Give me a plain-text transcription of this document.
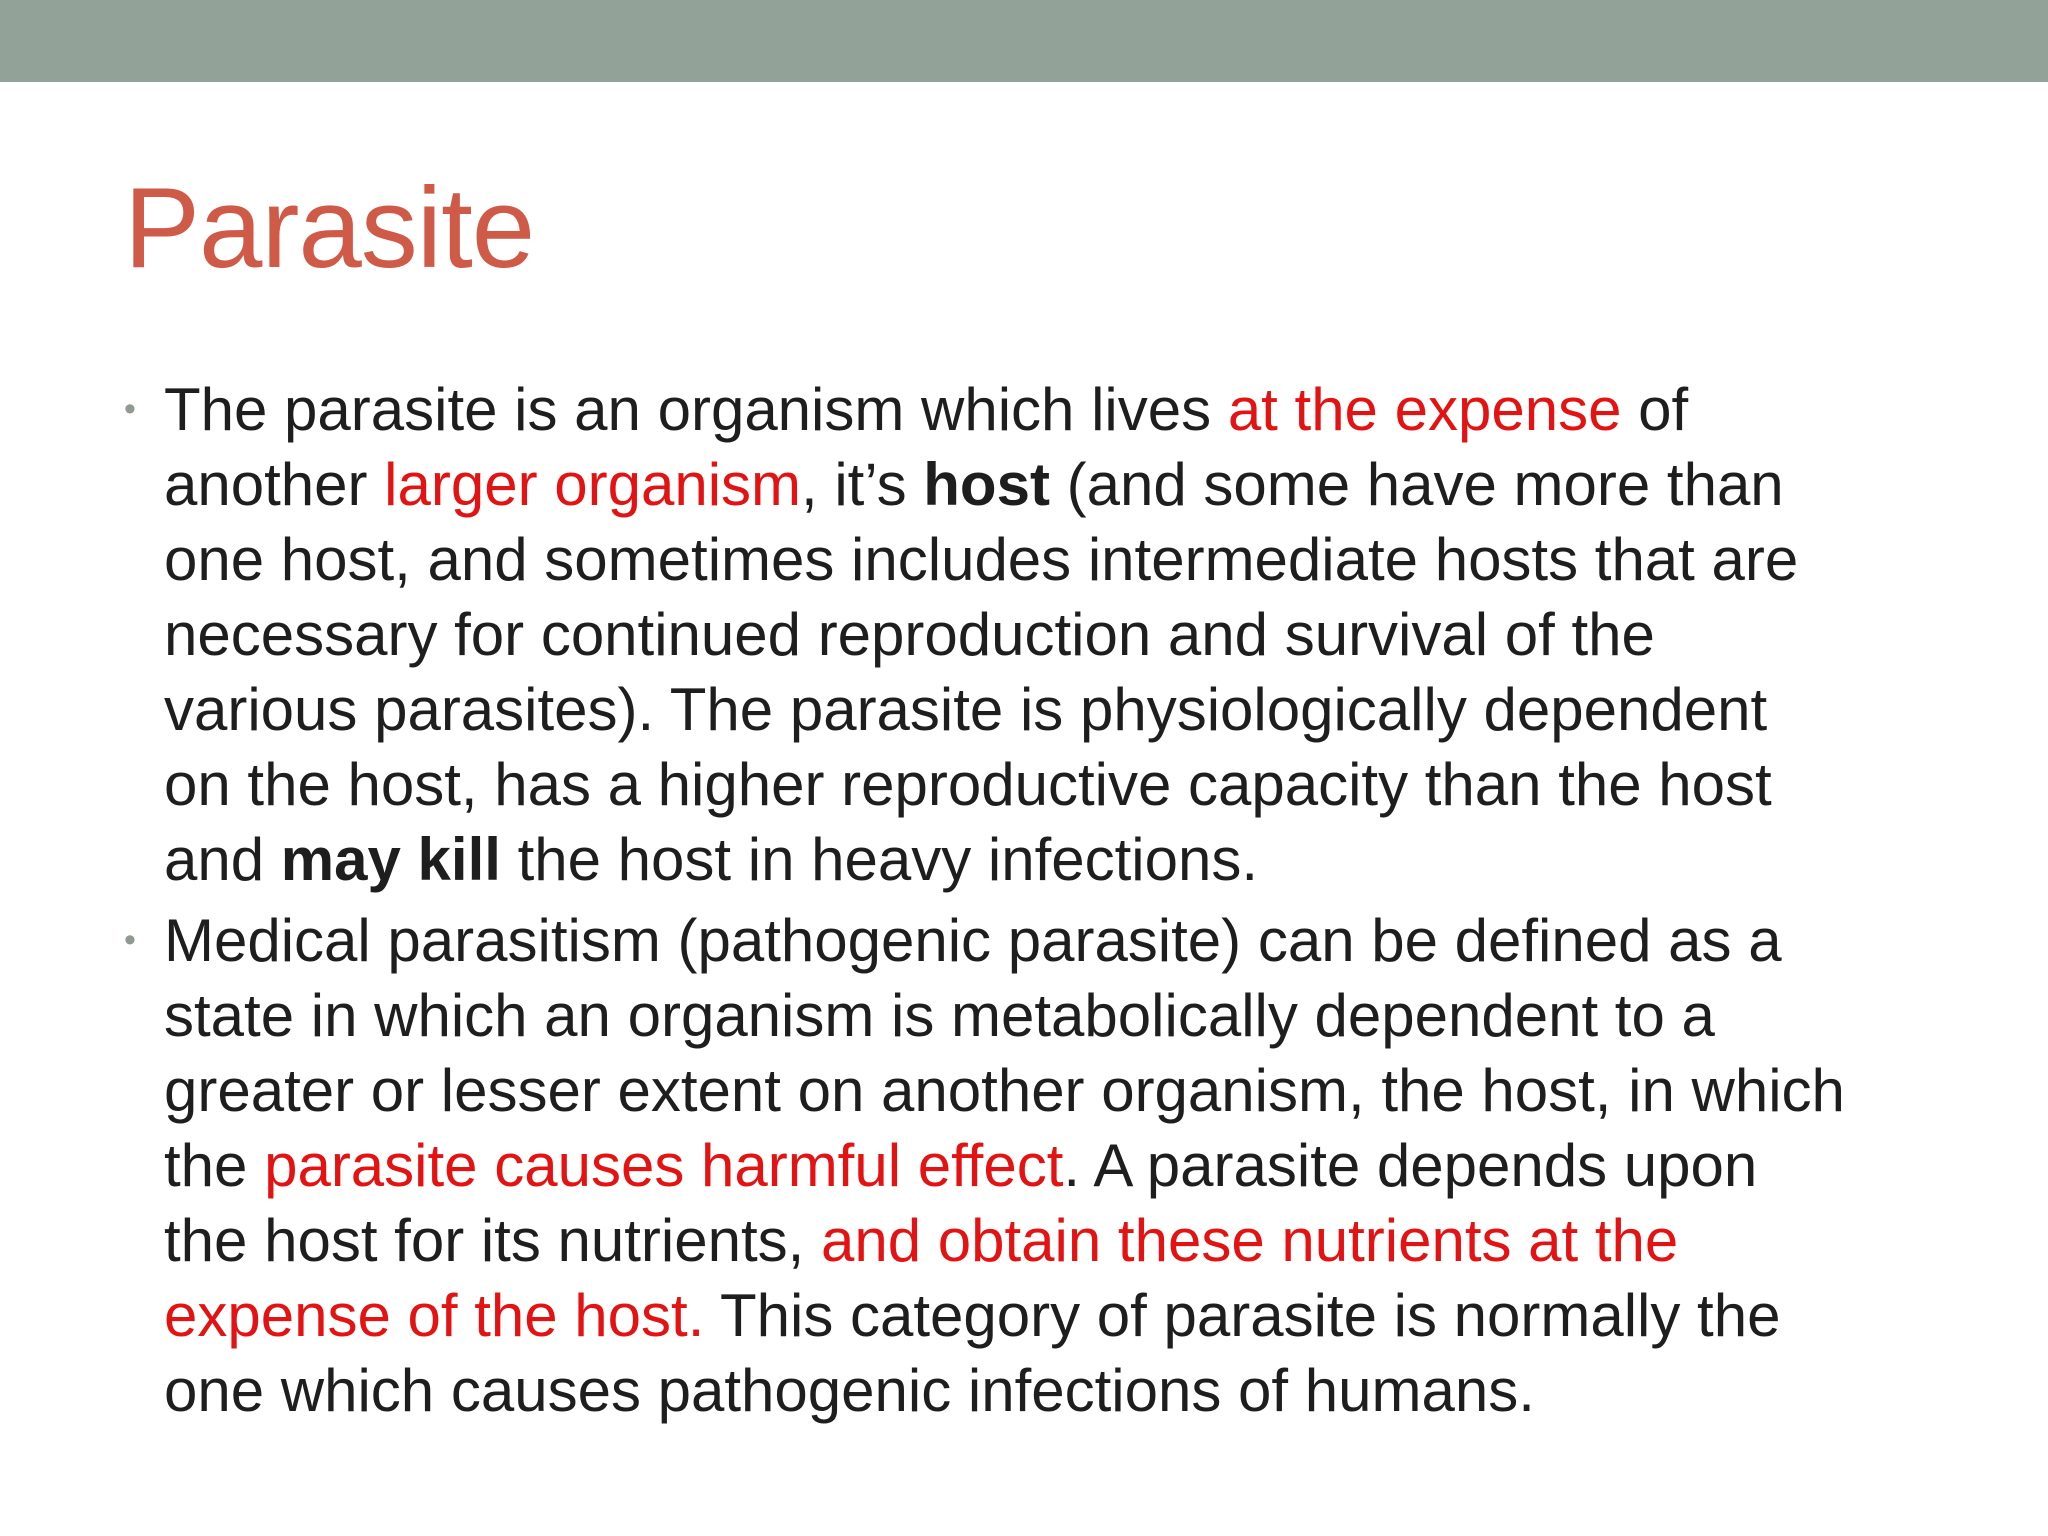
Parasite
• The parasite is an organism which lives at the expense of
another larger organism, it’s host (and some have more than
one host, and sometimes includes intermediate hosts that are
necessary for continued reproduction and survival of the
various parasites). The parasite is physiologically dependent
on the host, has a higher reproductive capacity than the host
and may kill the host in heavy infections.
• Medical parasitism (pathogenic parasite) can be defined as a
state in which an organism is metabolically dependent to a
greater or lesser extent on another organism, the host, in which
the parasite causes harmful effect. A parasite depends upon
the host for its nutrients, and obtain these nutrients at the
expense of the host. This category of parasite is normally the
one which causes pathogenic infections of humans.
